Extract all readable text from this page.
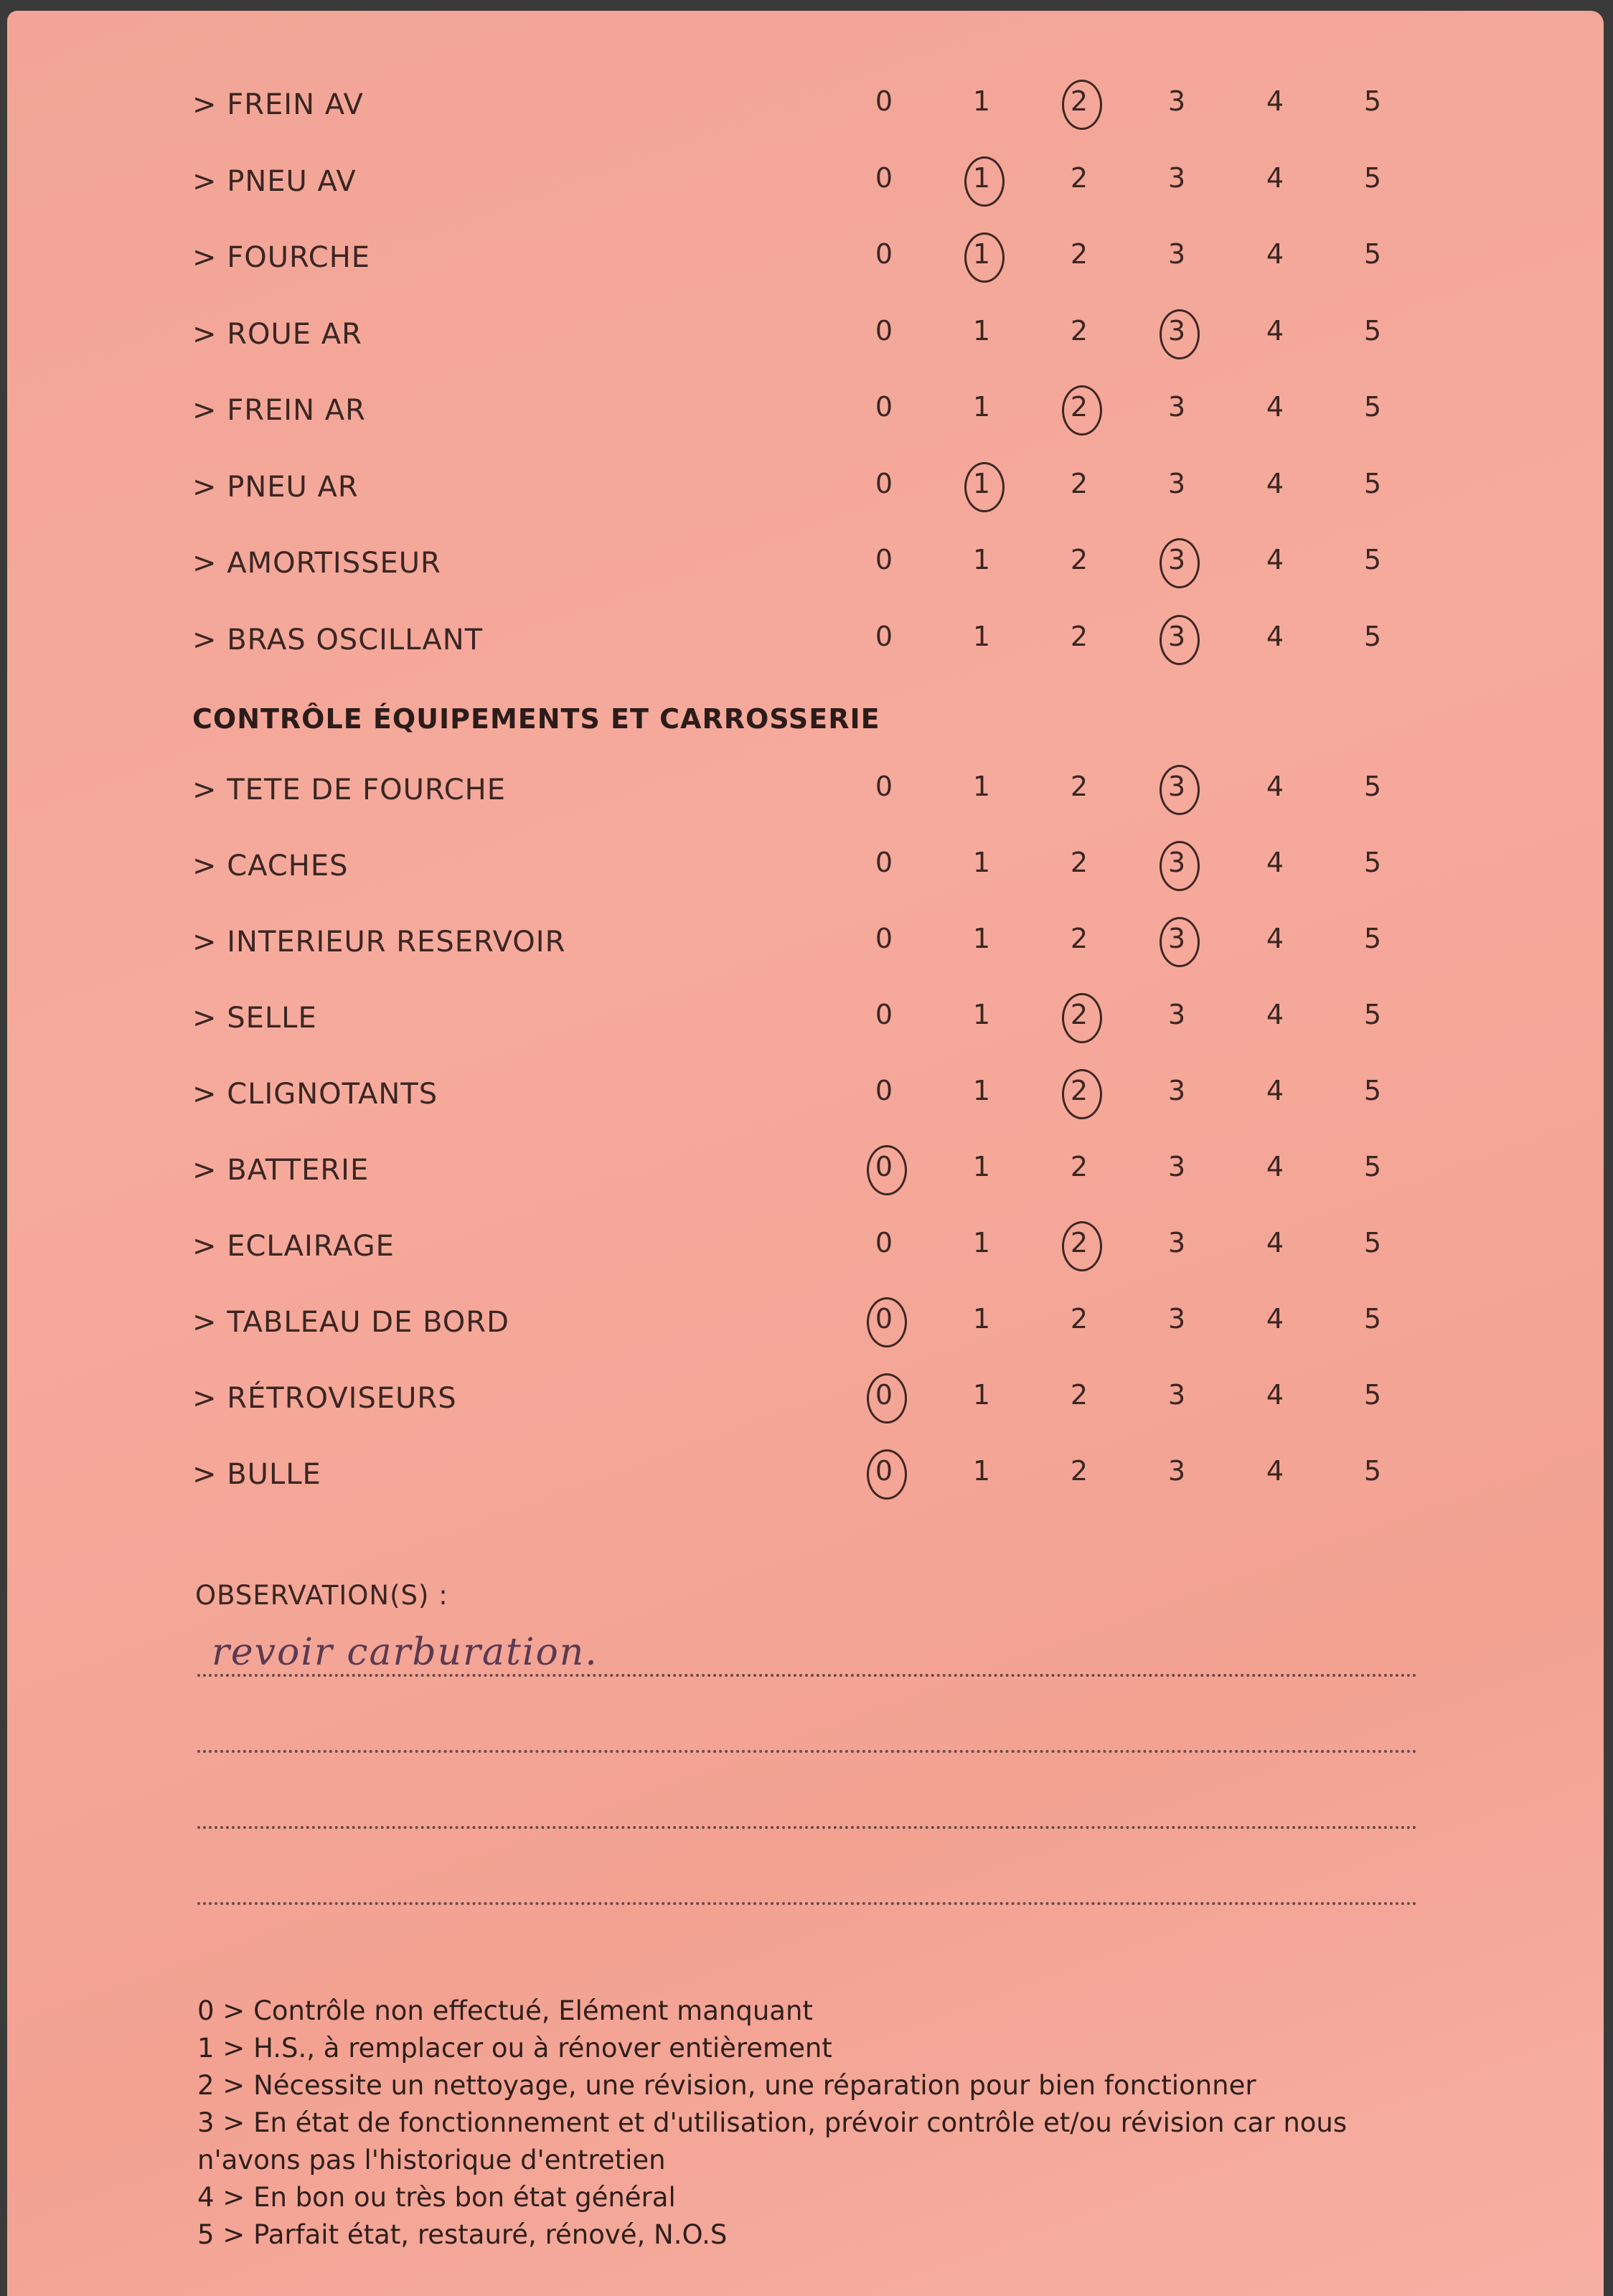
> FREIN AV	0	1	2	3	4	5
> PNEU AV	0	1	2	3	4	5
> FOURCHE	0	1	2	3	4	5
> ROUE AR	0	1	2	3	4	5
> FREIN AR	0	1	2	3	4	5
> PNEU AR	0	1	2	3	4	5
> AMORTISSEUR	0	1	2	3	4	5
> BRAS OSCILLANT	0	1	2	3	4	5
CONTRÔLE ÉQUIPEMENTS ET CARROSSERIE
> TETE DE FOURCHE	0	1	2	3	4	5
> CACHES	0	1	2	3	4	5
> INTERIEUR RESERVOIR	0	1	2	3	4	5
> SELLE	0	1	2	3	4	5
> CLIGNOTANTS	0	1	2	3	4	5
> BATTERIE	0	1	2	3	4	5
> ECLAIRAGE	0	1	2	3	4	5
> TABLEAU DE BORD	0	1	2	3	4	5
> RÉTROVISEURS	0	1	2	3	4	5
> BULLE	0	1	2	3	4	5
OBSERVATION(S) :
revoir carburation.
0 > Contrôle non effectué, Elément manquant
1 > H.S., à remplacer ou à rénover entièrement
2 > Nécessite un nettoyage, une révision, une réparation pour bien fonctionner
3 > En état de fonctionnement et d'utilisation, prévoir contrôle et/ou révision car nous n'avons pas l'historique d'entretien
4 > En bon ou très bon état général
5 > Parfait état, restauré, rénové, N.O.S
